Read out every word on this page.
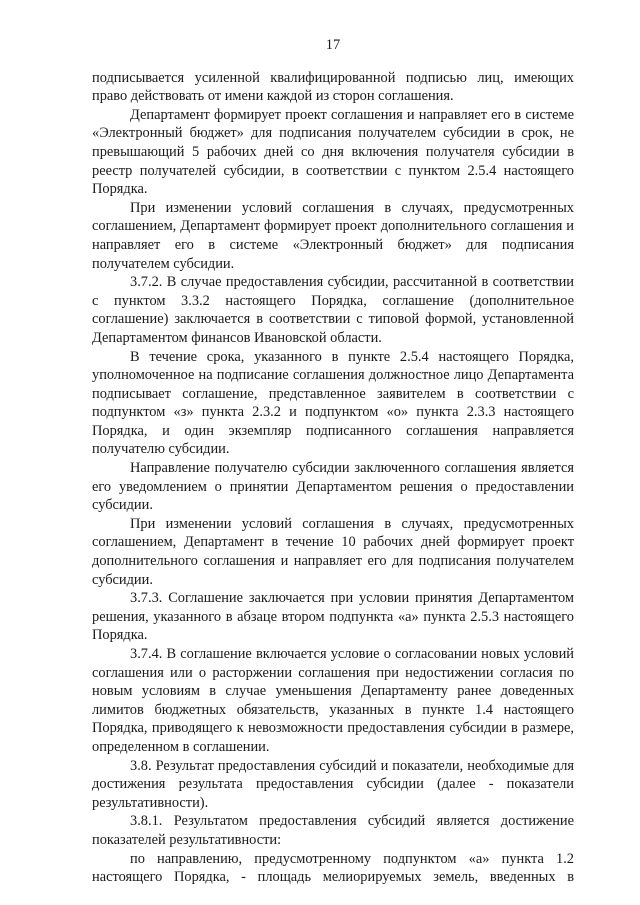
17

подписывается усиленной квалифицированной подписью лиц, имеющих право действовать от имени каждой из сторон соглашения.

Департамент формирует проект соглашения и направляет его в системе «Электронный бюджет» для подписания получателем субсидии в срок, не превышающий 5 рабочих дней со дня включения получателя субсидии в реестр получателей субсидии, в соответствии с пунктом 2.5.4 настоящего Порядка.

При изменении условий соглашения в случаях, предусмотренных соглашением, Департамент формирует проект дополнительного соглашения и направляет его в системе «Электронный бюджет» для подписания получателем субсидии.

3.7.2. В случае предоставления субсидии, рассчитанной в соответствии с пунктом 3.3.2 настоящего Порядка, соглашение (дополнительное соглашение) заключается в соответствии с типовой формой, установленной Департаментом финансов Ивановской области.

В течение срока, указанного в пункте 2.5.4 настоящего Порядка, уполномоченное на подписание соглашения должностное лицо Департамента подписывает соглашение, представленное заявителем в соответствии с подпунктом «з» пункта 2.3.2 и подпунктом «о» пункта 2.3.3 настоящего Порядка, и один экземпляр подписанного соглашения направляется получателю субсидии.

Направление получателю субсидии заключенного соглашения является его уведомлением о принятии Департаментом решения о предоставлении субсидии.

При изменении условий соглашения в случаях, предусмотренных соглашением, Департамент в течение 10 рабочих дней формирует проект дополнительного соглашения и направляет его для подписания получателем субсидии.

3.7.3. Соглашение заключается при условии принятия Департаментом решения, указанного в абзаце втором подпункта «а» пункта 2.5.3 настоящего Порядка.

3.7.4. В соглашение включается условие о согласовании новых условий соглашения или о расторжении соглашения при недостижении согласия по новым условиям в случае уменьшения Департаменту ранее доведенных лимитов бюджетных обязательств, указанных в пункте 1.4 настоящего Порядка, приводящего к невозможности предоставления субсидии в размере, определенном в соглашении.

3.8. Результат предоставления субсидий и показатели, необходимые для достижения результата предоставления субсидии (далее - показатели результативности).

3.8.1. Результатом предоставления субсидий является достижение показателей результативности:

по направлению, предусмотренному подпунктом «а» пункта 1.2 настоящего Порядка, - площадь мелиорируемых земель, введенных в
